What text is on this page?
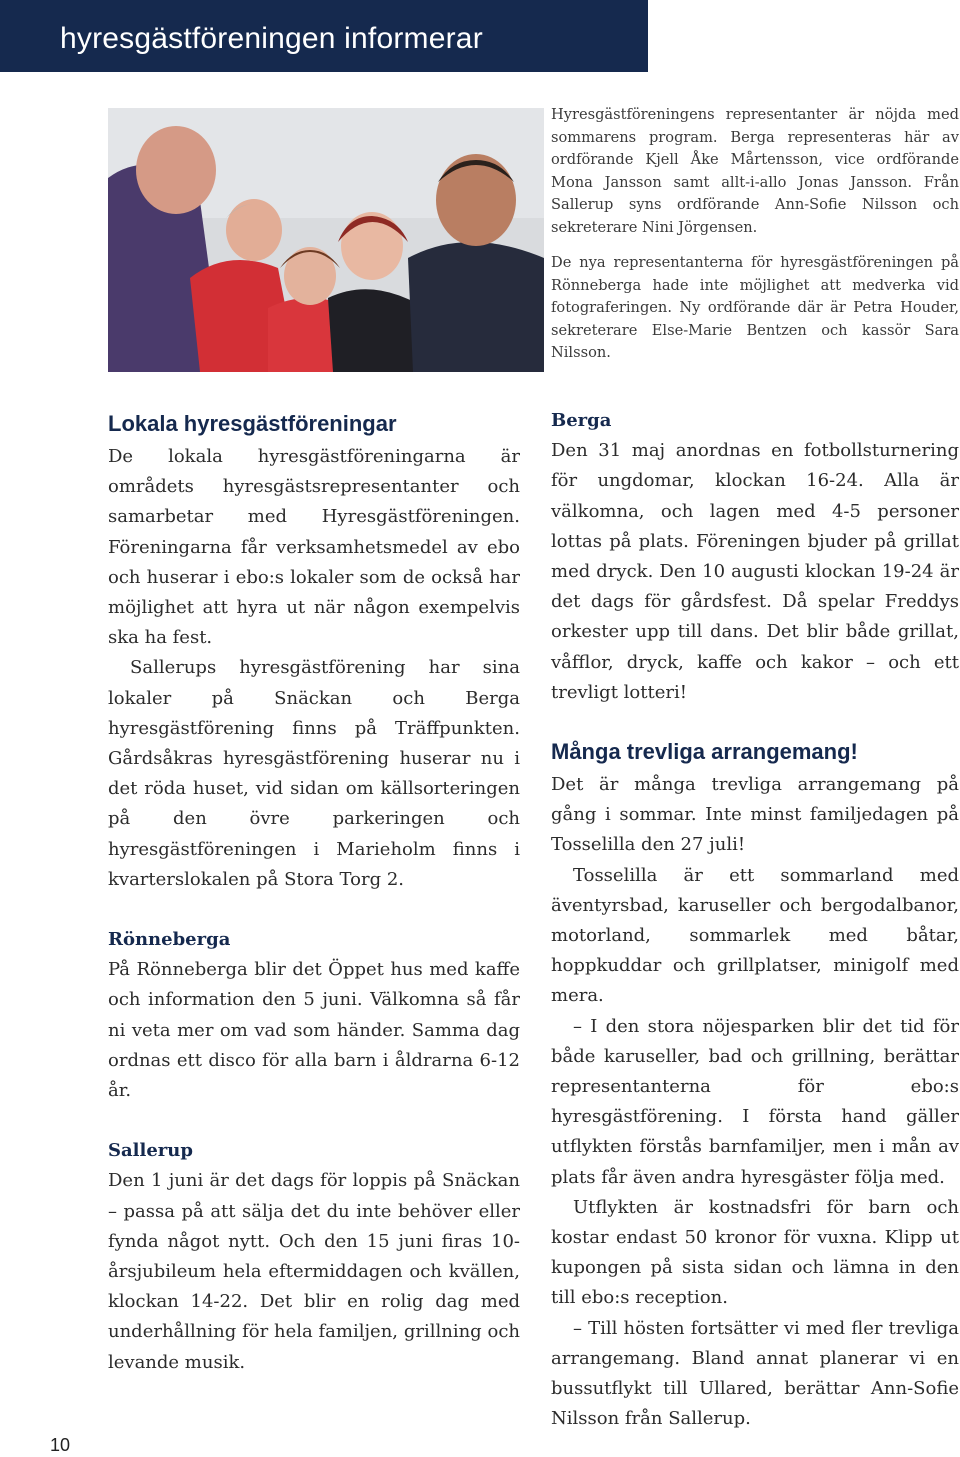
hyresgästföreningen informerar

Hyresgästföreningens representanter är nöjda med sommarens program. Berga representeras här av ordförande Kjell Åke Mårtensson, vice ordförande Mona Jansson samt allt-i-allo Jonas Jansson. Från Sallerup syns ordförande Ann-Sofie Nilsson och sekreterare Nini Jörgensen.

De nya representanterna för hyresgästföreningen på Rönneberga hade inte möjlighet att medverka vid fotograferingen. Ny ordförande där är Petra Houder, sekreterare Else-Marie Bentzen och kassör Sara Nilsson.

Lokala hyresgästföreningar

De lokala hyresgästföreningarna är områdets hyresgästsrepresentanter och samarbetar med Hyresgästföreningen. Föreningarna får verksamhetsmedel av ebo och huserar i ebo:s lokaler som de också har möjlighet att hyra ut när någon exempelvis ska ha fest.

Sallerups hyresgästförening har sina lokaler på Snäckan och Berga hyresgästförening finns på Träffpunkten. Gårdsåkras hyresgästförening huserar nu i det röda huset, vid sidan om källsorteringen på den övre parkeringen och hyresgästföreningen i Marieholm finns i kvarterslokalen på Stora Torg 2.

Rönneberga

På Rönneberga blir det Öppet hus med kaffe och information den 5 juni. Välkomna så får ni veta mer om vad som händer. Samma dag ordnas ett disco för alla barn i åldrarna 6-12 år.

Sallerup

Den 1 juni är det dags för loppis på Snäckan – passa på att sälja det du inte behöver eller fynda något nytt. Och den 15 juni firas 10-årsjubileum hela eftermiddagen och kvällen, klockan 14-22. Det blir en rolig dag med underhållning för hela familjen, grillning och levande musik.

Berga

Den 31 maj anordnas en fotbollsturnering för ungdomar, klockan 16-24. Alla är välkomna, och lagen med 4-5 personer lottas på plats. Föreningen bjuder på grillat med dryck. Den 10 augusti klockan 19-24 är det dags för gårdsfest. Då spelar Freddys orkester upp till dans. Det blir både grillat, våfflor, dryck, kaffe och kakor – och ett trevligt lotteri!

Många trevliga arrangemang!

Det är många trevliga arrangemang på gång i sommar. Inte minst familjedagen på Tosselilla den 27 juli!

Tosselilla är ett sommarland med äventyrsbad, karuseller och bergodalbanor, motorland, sommarlek med båtar, hoppkuddar och grillplatser, minigolf med mera.

– I den stora nöjesparken blir det tid för både karuseller, bad och grillning, berättar representanterna för ebo:s hyresgästförening. I första hand gäller utflykten förstås barnfamiljer, men i mån av plats får även andra hyresgäster följa med.

Utflykten är kostnadsfri för barn och kostar endast 50 kronor för vuxna. Klipp ut kupongen på sista sidan och lämna in den till ebo:s reception.

– Till hösten fortsätter vi med fler trevliga arrangemang. Bland annat planerar vi en bussutflykt till Ullared, berättar Ann-Sofie Nilsson från Sallerup.

10
